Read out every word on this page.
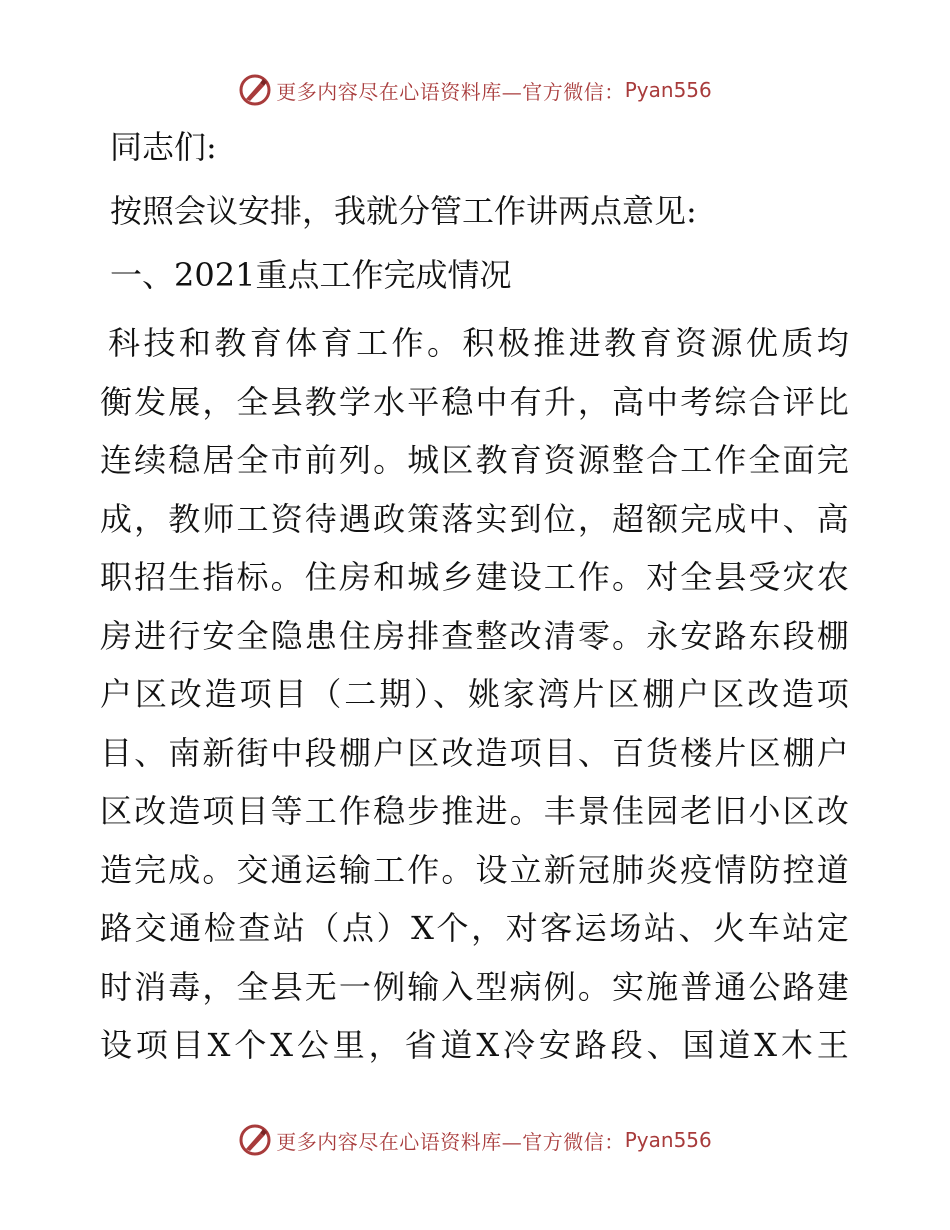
更多内容尽在心语资料库—官方微信： Pyan556
同志们:
按照会议安排，我就分管工作讲两点意见:
一、2021重点工作完成情况
科技和教育体育工作。积极推进教育资源优质均
衡发展，全县教学水平稳中有升，高中考综合评比
连续稳居全市前列。城区教育资源整合工作全面完
成，教师工资待遇政策落实到位，超额完成中、高
职招生指标。住房和城乡建设工作。对全县受灾农
房进行安全隐患住房排查整改清零。永安路东段棚
户区改造项目（二期）、姚家湾片区棚户区改造项
目、南新街中段棚户区改造项目、百货楼片区棚户
区改造项目等工作稳步推进。丰景佳园老旧小区改
造完成。交通运输工作。设立新冠肺炎疫情防控道
路交通检查站（点）X个，对客运场站、火车站定
时消毒，全县无一例输入型病例。实施普通公路建
设项目X个X公里，省道X冷安路段、国道X木王
更多内容尽在心语资料库—官方微信： Pyan556
